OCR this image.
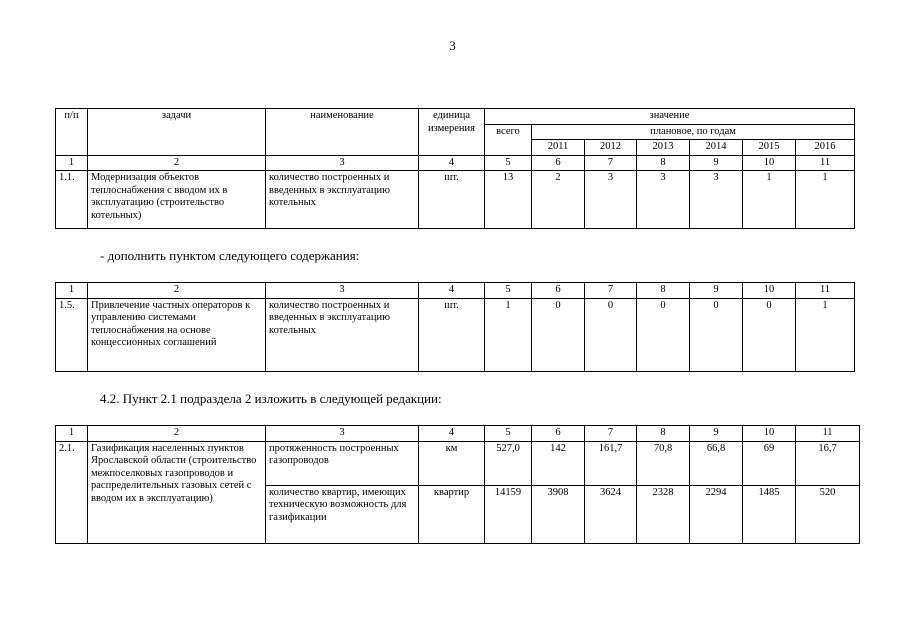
3
п/п	задачи	наименование	единица измерения	значение						
				всего	плановое, по годам					
					2011	2012	2013	2014	2015	2016
1	2	3	4	5	6	7	8	9	10	11
1.1.	Модернизация объектов теплоснабжения с вводом их в эксплуатацию (строительство котельных)	количество построенных и введенных в эксплуатацию котельных	шт.	13	2	3	3	3	1	1
- дополнить пунктом следующего содержания:
1	2	3	4	5	6	7	8	9	10	11
1.5.	Привлечение частных операторов к управлению системами теплоснабжения на основе концессионных соглашений	количество построенных и введенных в эксплуатацию котельных	шт.	1	0	0	0	0	0	1
4.2. Пункт 2.1 подраздела 2 изложить в следующей редакции:
1	2	3	4	5	6	7	8	9	10	11
2.1.	Газификация населенных пунктов Ярославской области (строительство межпоселковых газопроводов и распределительных газовых сетей с вводом их в эксплуатацию)	протяженность построенных газопроводов	км	527,0	142	161,7	70,8	66,8	69	16,7
		количество квартир, имеющих техническую возможность для газификации	квартир	14159	3908	3624	2328	2294	1485	520
